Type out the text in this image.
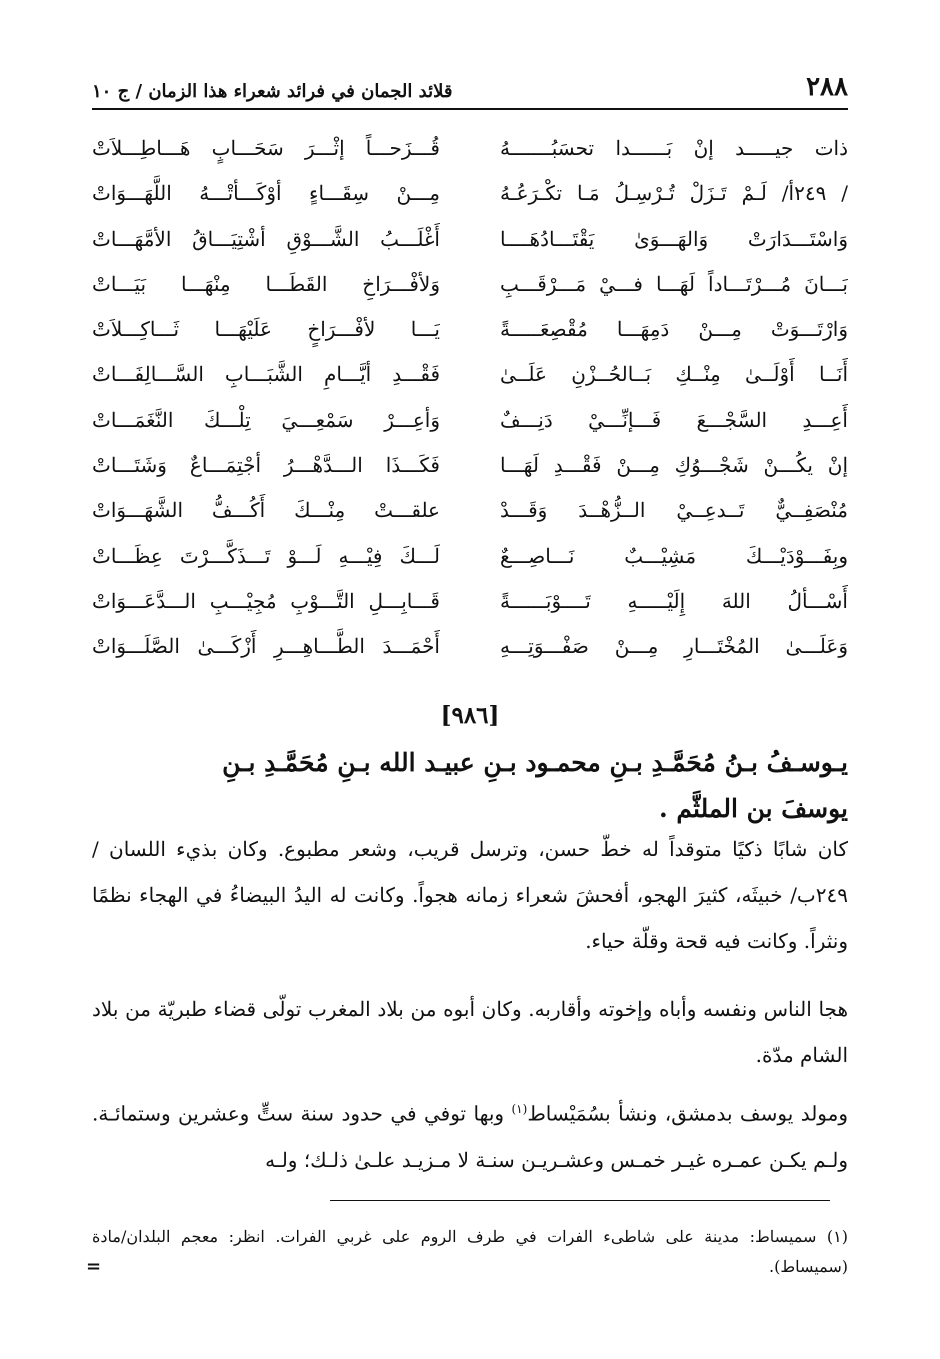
٢٨٨
قلائد الجمان في فرائد شعراء هذا الزمان / ج ١٠
ذات جيـــــد إنْ بَــــــدا تحسَبُـــــــهُ
/ ٢٤٩أ/ لَـمْ تَـزَلْ تُـرْسِـلُ مَـا تكْـرَعُـهُ
وَاسْتَـــدَارَتْ وَالهَـــوَىٰ يَقْتَـــادُهَــــا
بَـــانَ مُـــرْتَـــاداً لَهَـــا فـــيْ مَـــرْقَـــبِ
وَارْتَـــوَتْ مِـــنْ دَمِهَـــا مُقْصِعَـــــةً
أَنَــا أَوْلَــىٰ مِنْــكِ بَــالحُــزْنِ عَلَــىٰ
أَعِـــدِ السَّجْـــعَ فَـــإنِّـــيْ دَنِـــفٌ
إنْ يكُـــنْ شَجْـــوُكِ مِـــنْ فَقْـــدِ لَهَـــا
مُنْصَفِــيٌّ تَــدعِــيْ الــزُّهْــدَ وَقَـــدْ
وبِفَـــوْدَيْـــكَ مَشِيْـــبٌ نَـــاصِـــعٌ
أَسْـــألُ اللهَ إِلَيْـــــهِ تَــــوْبَــــــةً
وَعَلَـــىٰ المُخْتَـــارِ مِـــنْ صَفْـــوَتِـــهِ
قُـــزَحـــاً إثْـــرَ سَحَـــابٍ هَـــاطِـــلاَتْ
مِـــنْ سِقَـــاءٍ أوْكَـــأتْـــهُ اللَّهَـــوَاتْ
أَغْلَـــبُ الشَّـــوْقِ أشْتِيَـــاقُ الأمَّهَـــاتْ
وَلأفْـــرَاخِ القَطَـــا مِنْهَـــا بَيَـــاتْ
يَـــا لأفْـــرَاخٍ عَلَيْهَـــا ثَـــاكِـــلاَتْ
فَقْـــدِ أيَّـــامِ الشَّبَـــابِ السَّـــالِفَـــاتْ
وَأعِـــرْ سَمْعِـــيَ تِلْـــكَ النَّغَمَـــاتْ
فَكَـــذَا الـــدَّهْـــرُ أجْتِمَـــاعٌ وَشَتَـــاتْ
علقـــتْ مِنْـــكَ أَكُـــفُّ الشَّهَـــوَاتْ
لَـــكَ فِيْـــهِ لَـــوْ تَـــذَكَّـــرْتَ عِظَـــاتْ
قَـــابِـــلِ التَّـــوْبِ مُجِيْـــبِ الـــدَّعَـــوَاتْ
أَحْمَـــدَ الطَّـــاهِـــرِ أَزْكَـــىٰ الصَّلَـــوَاتْ
[٩٨٦]
يـوسـفُ بـنُ مُحَمَّـدِ بـنِ محمـود بـنِ عبيـد الله بـنِ مُحَمَّـدِ بـنِ
يوسفَ بن الملثَّم .

كان شابًا ذكيًا متوقداً له خطّ حسن، وترسل قريب، وشعر مطبوع. وكان بذيء اللسان / ٢٤٩ب/ خبيثَه، كثيرَ الهجو، أفحشَ شعراء زمانه هجواً. وكانت له اليدُ البيضاءُ في الهجاء نظمًا ونثراً. وكانت فيه قحة وقلّة حياء.

هجا الناس ونفسه وأباه وإخوته وأقاربه. وكان أبوه من بلاد المغرب تولّى قضاء طبريّة من بلاد الشام مدّة.

ومولد يوسف بدمشق، ونشأ بسُمَيْساط$^{(١)}$ وبها توفي في حدود سنة ستٍّ وعشرين وستمائـة. ولـم يكـن عمـره غيـر خمـس وعشـريـن سنـة لا مـزيـد علـىٰ ذلـك؛ ولـه

(١) سميساط: مدينة على شاطىء الفرات في طرف الروم على غربي الفرات. انظر: معجم البلدان/مادة (سميساط).
=
